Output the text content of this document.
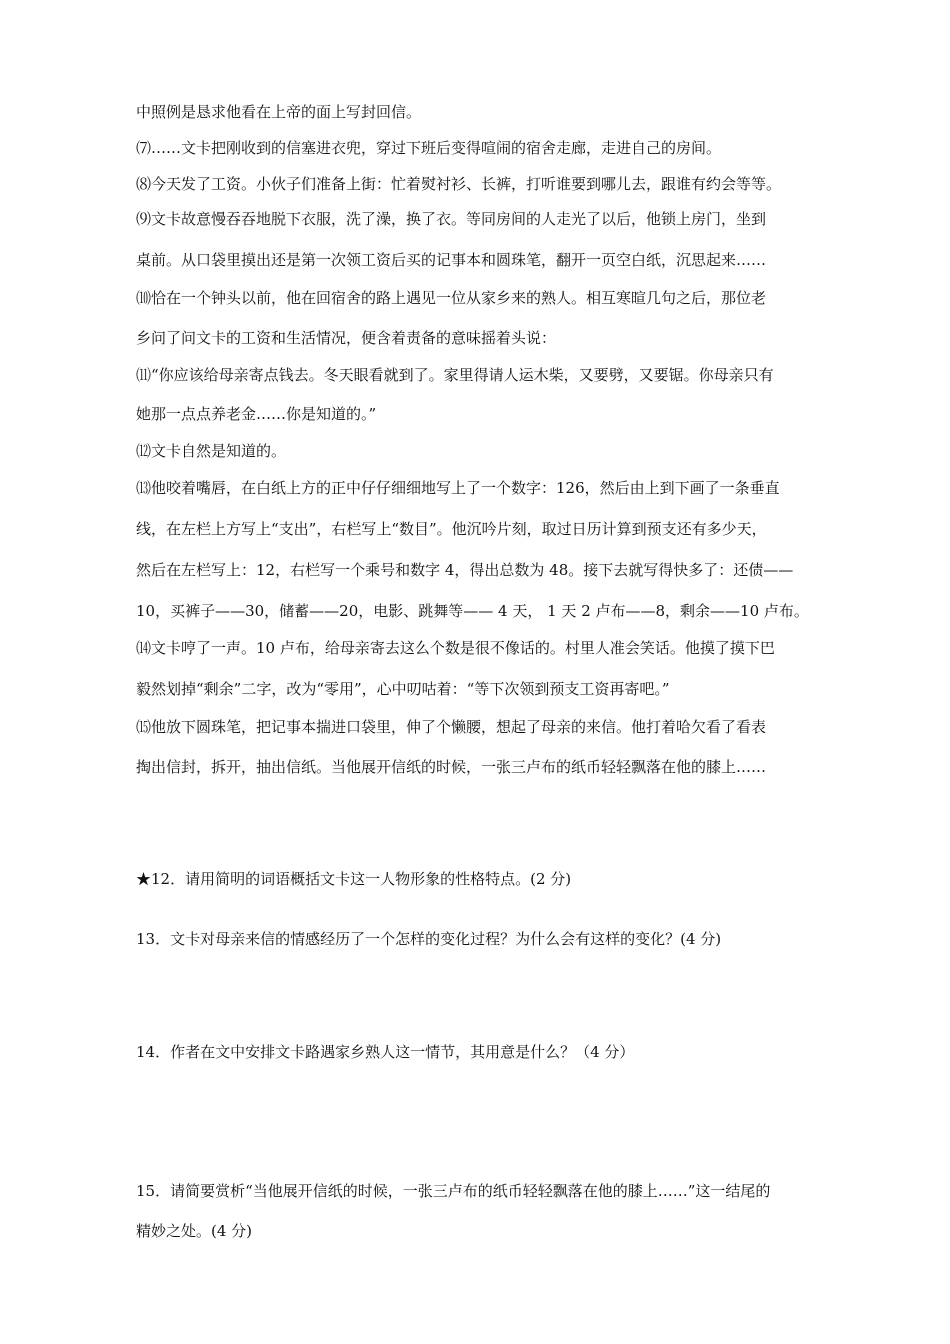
中照例是恳求他看在上帝的面上写封回信。
⑺……文卡把刚收到的信塞进衣兜，穿过下班后变得喧闹的宿舍走廊，走进自己的房间。
⑻今天发了工资。小伙子们准备上街：忙着熨衬衫、长裤，打听谁要到哪儿去，跟谁有约会等等。
⑼文卡故意慢吞吞地脱下衣服，洗了澡，换了衣。等同房间的人走光了以后，他锁上房门，坐到
桌前。从口袋里摸出还是第一次领工资后买的记事本和圆珠笔，翻开一页空白纸，沉思起来……
⑽恰在一个钟头以前，他在回宿舍的路上遇见一位从家乡来的熟人。相互寒暄几句之后，那位老
乡问了问文卡的工资和生活情况，便含着责备的意味摇着头说：
⑾“你应该给母亲寄点钱去。冬天眼看就到了。家里得请人运木柴，又要劈，又要锯。你母亲只有
她那一点点养老金……你是知道的。”
⑿文卡自然是知道的。
⒀他咬着嘴唇，在白纸上方的正中仔仔细细地写上了一个数字：126，然后由上到下画了一条垂直
线，在左栏上方写上“支出”，右栏写上“数目”。他沉吟片刻，取过日历计算到预支还有多少天，
然后在左栏写上：12，右栏写一个乘号和数字 4，得出总数为 48。接下去就写得快多了：还债——
10，买裤子——30，储蓄——20，电影、跳舞等—— 4 天， 1 天 2 卢布——8，剩余——10 卢布。
⒁文卡哼了一声。10 卢布，给母亲寄去这么个数是很不像话的。村里人准会笑话。他摸了摸下巴
毅然划掉“剩余”二字，改为“零用”，心中叨咕着：“等下次领到预支工资再寄吧。”
⒂他放下圆珠笔，把记事本揣进口袋里，伸了个懒腰，想起了母亲的来信。他打着哈欠看了看表
掏出信封，拆开，抽出信纸。当他展开信纸的时候，一张三卢布的纸币轻轻飘落在他的膝上……
★12．请用简明的词语概括文卡这一人物形象的性格特点。(2 分)
13．文卡对母亲来信的情感经历了一个怎样的变化过程？为什么会有这样的变化？(4 分)
14．作者在文中安排文卡路遇家乡熟人这一情节，其用意是什么？（4 分）
15．请简要赏析“当他展开信纸的时候，一张三卢布的纸币轻轻飘落在他的膝上……”这一结尾的
精妙之处。(4 分)
